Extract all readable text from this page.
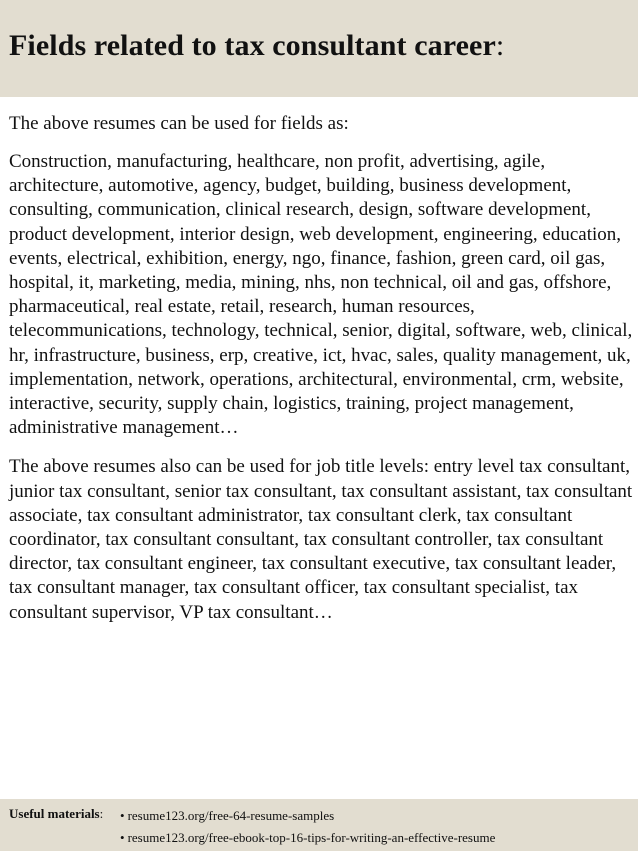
Fields related to tax consultant career:

The above resumes can be used for fields as:

Construction, manufacturing, healthcare, non profit, advertising, agile, architecture, automotive, agency, budget, building, business development, consulting, communication, clinical research, design, software development, product development, interior design, web development, engineering, education, events, electrical, exhibition, energy, ngo, finance, fashion, green card, oil gas, hospital, it, marketing, media, mining, nhs, non technical, oil and gas, offshore, pharmaceutical, real estate, retail, research, human resources, telecommunications, technology, technical, senior, digital, software, web, clinical, hr, infrastructure, business, erp, creative, ict, hvac, sales, quality management, uk, implementation, network, operations, architectural, environmental, crm, website, interactive, security, supply chain, logistics, training, project management, administrative management…

The above resumes also can be used for job title levels: entry level tax consultant, junior tax consultant, senior tax consultant, tax consultant assistant, tax consultant associate, tax consultant administrator, tax consultant clerk, tax consultant coordinator, tax consultant consultant, tax consultant controller, tax consultant director, tax consultant engineer, tax consultant executive, tax consultant leader, tax consultant manager, tax consultant officer, tax consultant specialist, tax consultant supervisor, VP tax consultant…

Useful materials: • resume123.org/free-64-resume-samples
• resume123.org/free-ebook-top-16-tips-for-writing-an-effective-resume
